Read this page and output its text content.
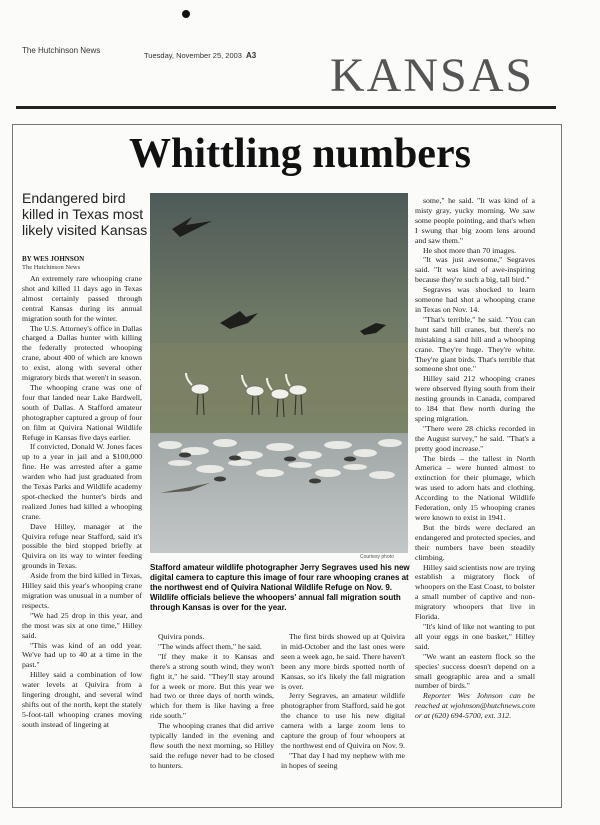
The Hutchinson News
Tuesday, November 25, 2003 A3 KANSAS
Whittling numbers
Endangered bird killed in Texas most likely visited Kansas
BY WES JOHNSON
The Hutchinson News

An extremely rare whooping crane shot and killed 11 days ago in Texas almost certainly passed through central Kansas during its annual migration south for the winter.

The U.S. Attorney's office in Dallas charged a Dallas hunter with killing the federally protected whooping crane, about 400 of which are known to exist, along with several other migratory birds that weren't in season.

The whooping crane was one of four that landed near Lake Bardwell, south of Dallas. A Stafford amateur photographer captured a group of four on film at Quivira National Wildlife Refuge in Kansas five days earlier.

If convicted, Donald W. Jones faces up to a year in jail and a $100,000 fine. He was arrested after a game warden who had just graduated from the Texas Parks and Wildlife academy spot-checked the hunter's birds and realized Jones had killed a whooping crane.

Dave Hilley, manager at the Quivira refuge near Stafford, said it's possible the bird stopped briefly at Quivira on its way to winter feeding grounds in Texas.

Aside from the bird killed in Texas, Hilley said this year's whooping crane migration was unusual in a number of respects.

"We had 25 drop in this year, and the most was six at one time," Hilley said.

"This was kind of an odd year. We've had up to 40 at a time in the past."

Hilley said a combination of low water levels at Quivira from a lingering drought, and several wind shifts out of the north, kept the stately 5-foot-tall whooping cranes moving south instead of lingering at

Quivira ponds.

"The winds affect them," he said.

"If they make it to Kansas and there's a strong south wind, they won't fight it," he said. "They'll stay around for a week or more. But this year we had two or three days of north winds, which for them is like having a free ride south."

The whooping cranes that did arrive typically landed in the evening and flew south the next morning, so Hilley said the refuge never had to be closed to hunters.

The first birds showed up at Quivira in mid-October and the last ones were seen a week ago, he said. There haven't been any more birds spotted north of Kansas, so it's likely the fall migration is over.

Jerry Segraves, an amateur wildlife photographer from Stafford, said he got the chance to use his new digital camera with a large zoom lens to capture the group of four whoopers at the northwest end of Quivira on Nov. 9.

"That day I had my nephew with me in hopes of seeing

some," he said. "It was kind of a misty gray, yucky morning. We saw some people pointing, and that's when I swung that big zoom lens around and saw them."

He shot more than 70 images.

"It was just awesome," Segraves said. "It was kind of awe-inspiring because they're such a big, tall bird."

Segraves was shocked to learn someone had shot a whooping crane in Texas on Nov. 14.

"That's terrible," he said. "You can hunt sand hill cranes, but there's no mistaking a sand hill and a whooping crane. They're huge. They're white. They're giant birds. That's terrible that someone shot one."

Hilley said 212 whooping cranes were observed flying south from their nesting grounds in Canada, compared to 184 that flew north during the spring migration.

"There were 28 chicks recorded in the August survey," he said. "That's a pretty good increase."

The birds – the tallest in North America – were hunted almost to extinction for their plumage, which was used to adorn hats and clothing. According to the National Wildlife Federation, only 15 whooping cranes were known to exist in 1941.

But the birds were declared an endangered and protected species, and their numbers have been steadily climbing.

Hilley said scientists now are trying establish a migratory flock of whoopers on the East Coast, to bolster a small number of captive and non-migratory whoopers that live in Florida.

"It's kind of like not wanting to put all your eggs in one basket," Hilley said.

"We want an eastern flock so the species' success doesn't depend on a small geographic area and a small number of birds."

Reporter Wes Johnson can be reached at wjohnson@hutchnews.com or at (620) 694-5700, ext. 312.

Courtesy photo
Stafford amateur wildlife photographer Jerry Segraves used his new digital camera to capture this image of four rare whooping cranes at the northwest end of Quivira National Wildlife Refuge on Nov. 9. Wildlife officials believe the whoopers' annual fall migration south through Kansas is over for the year.
